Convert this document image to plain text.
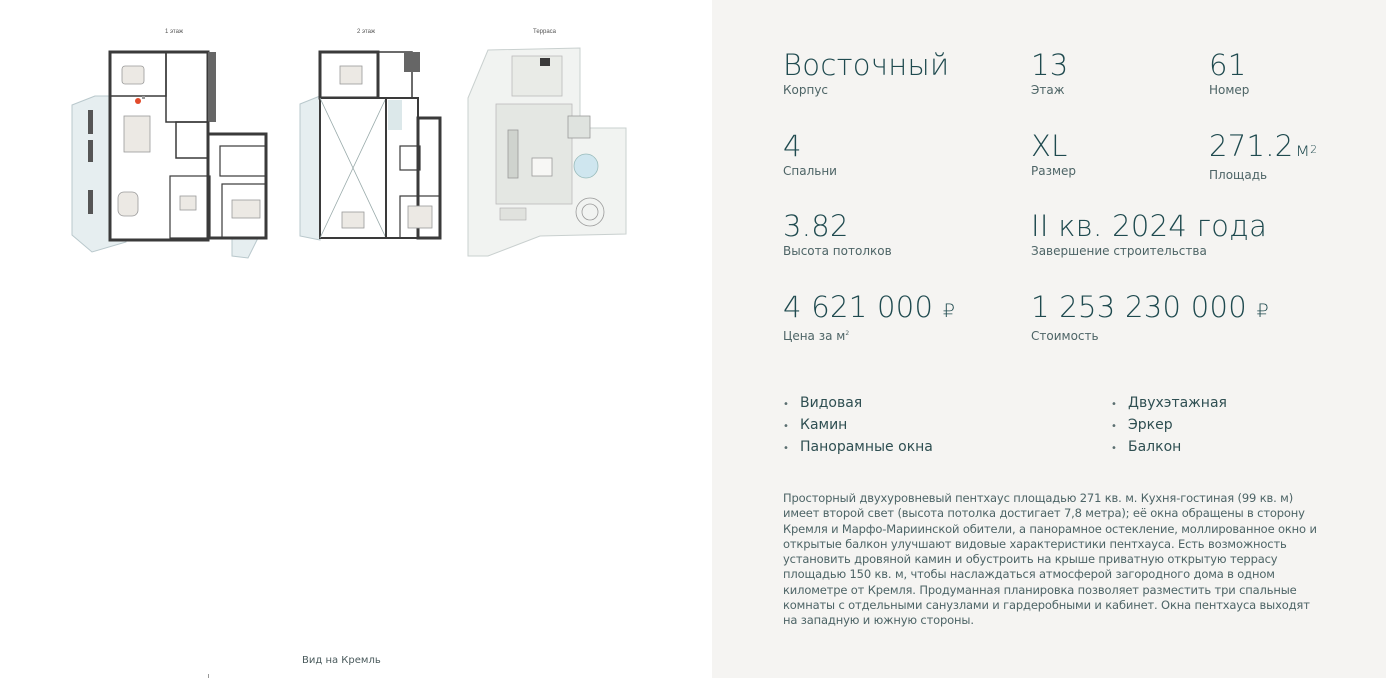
1 этаж	2 этаж	Терраса
Вид на Кремль
Восточный
Корпус
13
Этаж
61
Номер
4
Спальни
XL
Размер
271.2 $м^2$
Площадь
3.82
Высота потолков
II кв. 2024 года
Завершение строительства
4 621 000 ₽
Цена за $м^2$
1 253 230 000 ₽
Стоимость
• Видовая
• Камин
• Панорамные окна
• Двухэтажная
• Эркер
• Балкон

Просторный двухуровневый пентхаус площадью 271 кв. м. Кухня-гостиная (99 кв. м) имеет второй свет (высота потолка достигает 7,8 метра); её окна обращены в сторону Кремля и Марфо-Мариинской обители, а панорамное остекление, моллированное окно и открытые балкон улучшают видовые характеристики пентхауса. Есть возможность установить дровяной камин и обустроить на крыше приватную открытую террасу площадью 150 кв. м, чтобы наслаждаться атмосферой загородного дома в одном километре от Кремля. Продуманная планировка позволяет разместить три спальные комнаты с отдельными санузлами и гардеробными и кабинет. Окна пентхауса выходят на западную и южную стороны.
